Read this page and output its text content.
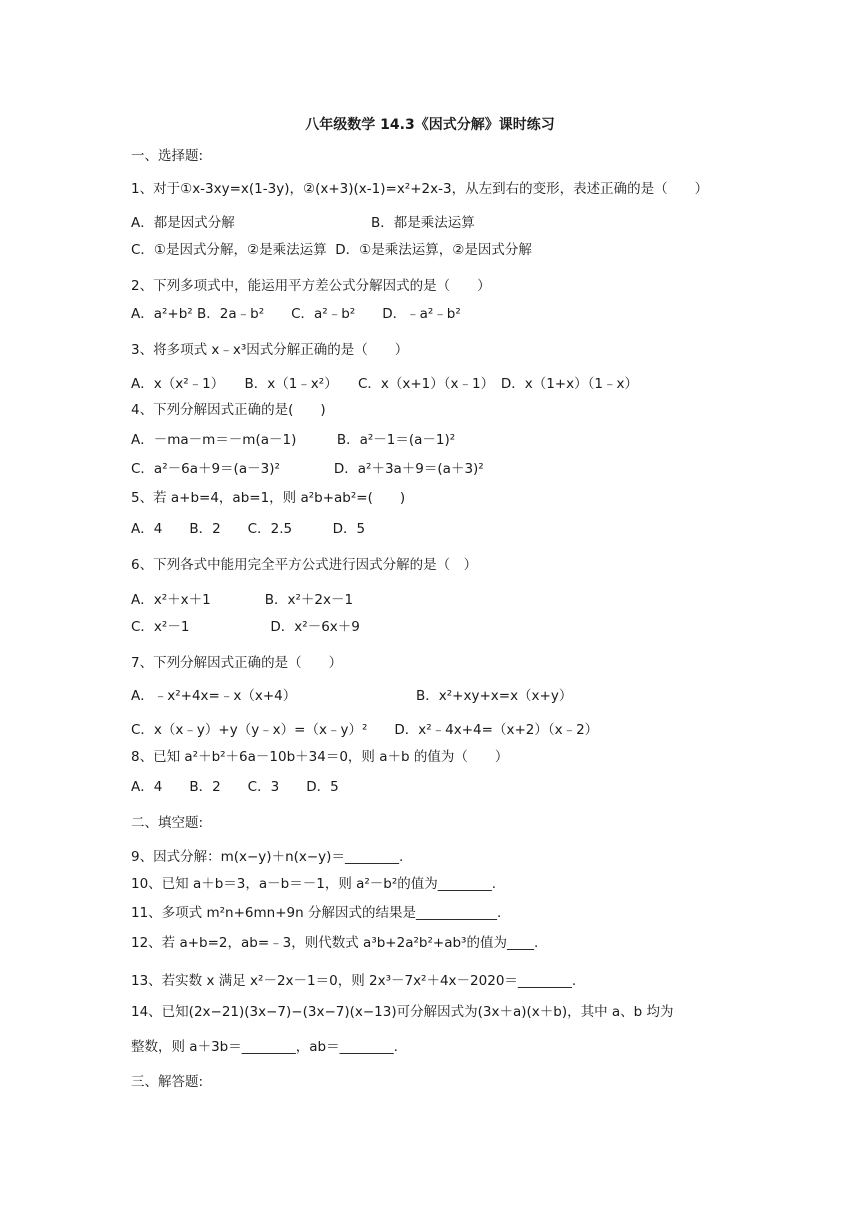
八年级数学 14.3《因式分解》课时练习
一、选择题:
1、对于①x-3xy=x(1-3y)，②(x+3)(x-1)=x²+2x-3，从左到右的变形，表述正确的是（　　）
A．都是因式分解	B．都是乘法运算
C．①是因式分解，②是乘法运算  D．①是乘法运算，②是因式分解
2、下列多项式中，能运用平方差公式分解因式的是（　　）
A．a²+b² B．2a﹣b²　　C．a²﹣b²　　D．﹣a²﹣b²
3、将多项式 x﹣x³因式分解正确的是（　　）
A．x（x²﹣1）　　B．x（1﹣x²）　　C．x（x+1）（x﹣1）　D．x（1+x）（1﹣x）
4、下列分解因式正确的是(　　)
A．－ma－m＝－m(a－1)　　　B．a²－1＝(a－1)²
C．a²－6a＋9＝(a－3)²　　　　D．a²＋3a＋9＝(a＋3)²
5、若 a+b=4，ab=1，则 a²b+ab²=(　　)
A．4　　B．2　　C．2.5　　　D．5
6、下列各式中能用完全平方公式进行因式分解的是（　）
A．x²＋x＋1　　　　B．x²＋2x－1
C．x²－1　　　　　　D．x²－6x＋9
7、下列分解因式正确的是（　　）
A．﹣x²+4x=﹣x（x+4）	B．x²+xy+x=x（x+y）
C．x（x﹣y）+y（y﹣x）=（x﹣y）²　　D．x²﹣4x+4=（x+2）（x﹣2）
8、已知 a²＋b²＋6a－10b＋34＝0，则 a＋b 的值为（　　）
A．4　　B．2　　C．3　　D．5
二、填空题:
9、因式分解：m(x−y)＋n(x−y)＝________.
10、已知 a＋b＝3，a－b＝－1，则 a²－b²的值为________.
11、多项式 m²n+6mn+9n 分解因式的结果是____________.
12、若 a+b=2，ab=﹣3，则代数式 a³b+2a²b²+ab³的值为____.
13、若实数 x 满足 x²－2x－1＝0，则 2x³－7x²＋4x－2020＝________.
14、已知(2x−21)(3x−7)−(3x−7)(x−13)可分解因式为(3x＋a)(x＋b)，其中 a、b 均为
整数，则 a＋3b＝________，ab＝________.
三、解答题:
